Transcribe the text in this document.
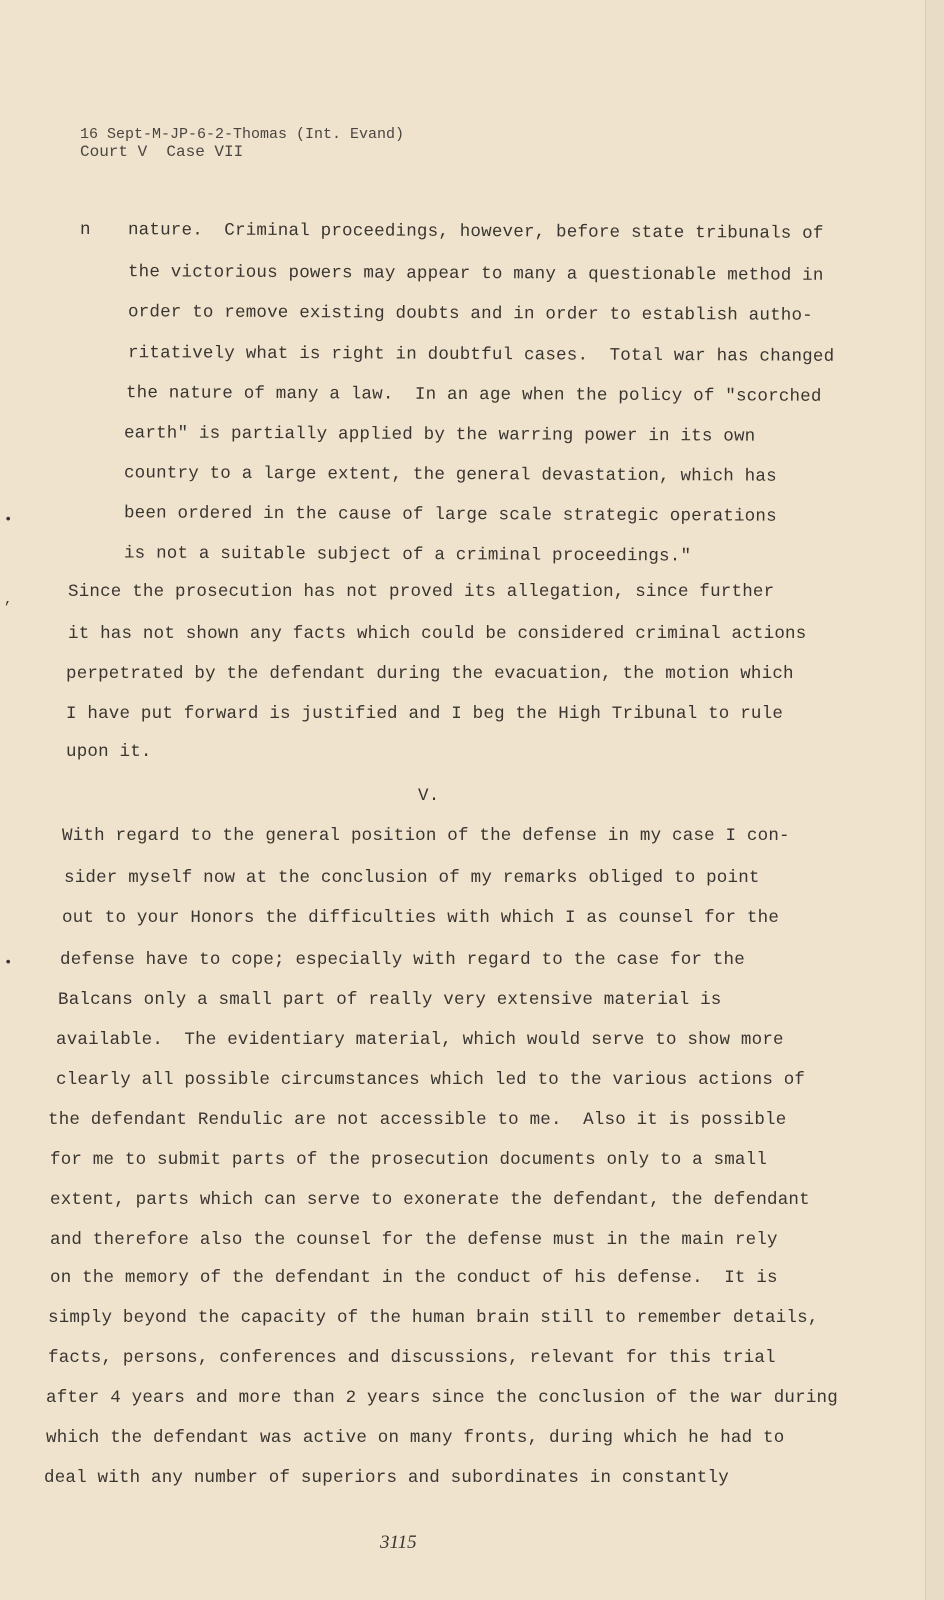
16 Sept-M-JP-6-2-Thomas (Int. Evand)
Court V  Case VII
n nature.  Criminal proceedings, however, before state tribunals of
the victorious powers may appear to many a questionable method in
order to remove existing doubts and in order to establish autho-
ritatively what is right in doubtful cases.  Total war has changed
the nature of many a law.  In an age when the policy of "scorched
earth" is partially applied by the warring power in its own
country to a large extent, the general devastation, which has
been ordered in the cause of large scale strategic operations
is not a suitable subject of a criminal proceedings."
Since the prosecution has not proved its allegation, since further
it has not shown any facts which could be considered criminal actions
perpetrated by the defendant during the evacuation, the motion which
I have put forward is justified and I beg the High Tribunal to rule
upon it.
V.
With regard to the general position of the defense in my case I con-
sider myself now at the conclusion of my remarks obliged to point
out to your Honors the difficulties with which I as counsel for the
defense have to cope; especially with regard to the case for the
Balcans only a small part of really very extensive material is
available.  The evidentiary material, which would serve to show more
clearly all possible circumstances which led to the various actions of
the defendant Rendulic are not accessible to me.  Also it is possible
for me to submit parts of the prosecution documents only to a small
extent, parts which can serve to exonerate the defendant, the defendant
and therefore also the counsel for the defense must in the main rely
on the memory of the defendant in the conduct of his defense.  It is
simply beyond the capacity of the human brain still to remember details,
facts, persons, conferences and discussions, relevant for this trial
after 4 years and more than 2 years since the conclusion of the war during
which the defendant was active on many fronts, during which he had to
deal with any number of superiors and subordinates in constantly
•
,
•
3115
